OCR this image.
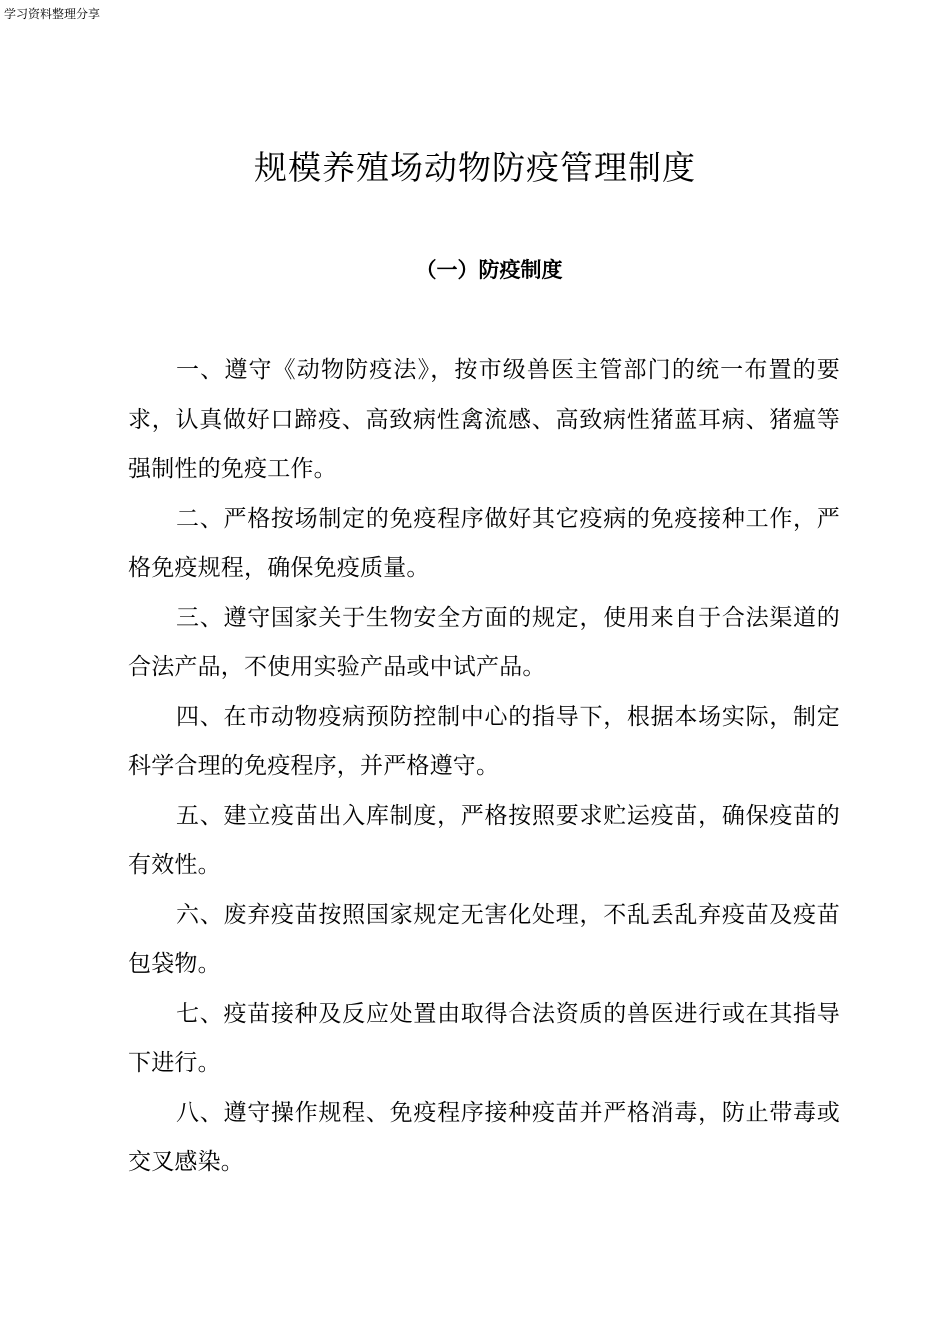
学习资料整理分享
规模养殖场动物防疫管理制度
（一）防疫制度

一、遵守《动物防疫法》，按市级兽医主管部门的统一布置的要求，认真做好口蹄疫、高致病性禽流感、高致病性猪蓝耳病、猪瘟等强制性的免疫工作。

二、严格按场制定的免疫程序做好其它疫病的免疫接种工作，严格免疫规程，确保免疫质量。

三、遵守国家关于生物安全方面的规定，使用来自于合法渠道的合法产品，不使用实验产品或中试产品。

四、在市动物疫病预防控制中心的指导下，根据本场实际，制定科学合理的免疫程序，并严格遵守。

五、建立疫苗出入库制度，严格按照要求贮运疫苗，确保疫苗的有效性。

六、废弃疫苗按照国家规定无害化处理，不乱丢乱弃疫苗及疫苗包袋物。

七、疫苗接种及反应处置由取得合法资质的兽医进行或在其指导下进行。

八、遵守操作规程、免疫程序接种疫苗并严格消毒，防止带毒或交叉感染。
